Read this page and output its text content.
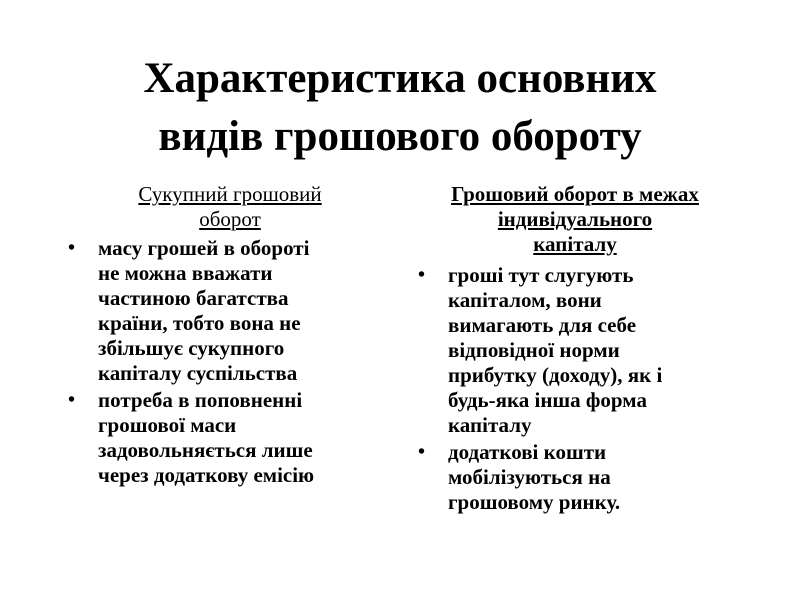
Характеристика основних
видів грошового обороту
Сукупний грошовий
оборот
• масу грошей в обороті
не можна вважати
частиною багатства
країни, тобто вона не
збільшує сукупного
капіталу суспільства
• потреба в поповненні
грошової маси
задовольняється лише
через додаткову емісію
Грошовий оборот в межах
індивідуального
капіталу
• гроші тут слугують
капіталом, вони
вимагають для себе
відповідної норми
прибутку (доходу), як і
будь-яка інша форма
капіталу
• додаткові кошти
мобілізуються на
грошовому ринку.
